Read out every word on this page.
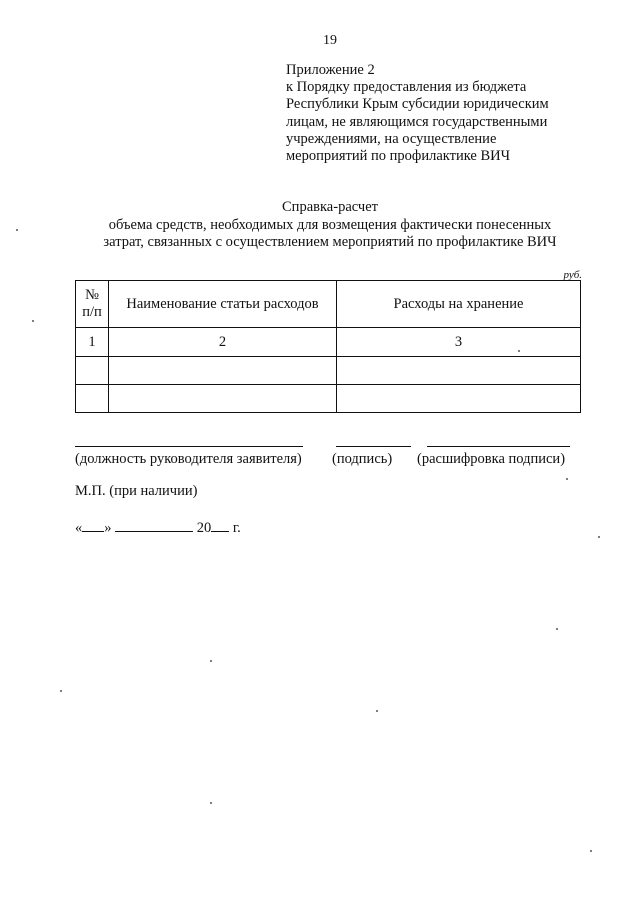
19
Приложение 2
к Порядку предоставления из бюджета
Республики Крым субсидии юридическим
лицам, не являющимся государственными
учреждениями, на осуществление
мероприятий по профилактике ВИЧ
Справка-расчет
объема средств, необходимых для возмещения фактически понесенных
затрат, связанных с осуществлением мероприятий по профилактике ВИЧ
руб.
№
п/п	Наименование статьи расходов	Расходы на хранение
1	2	3

(должность руководителя заявителя) (подпись) (расшифровка подписи)
М.П. (при наличии)
« »	20 г.
